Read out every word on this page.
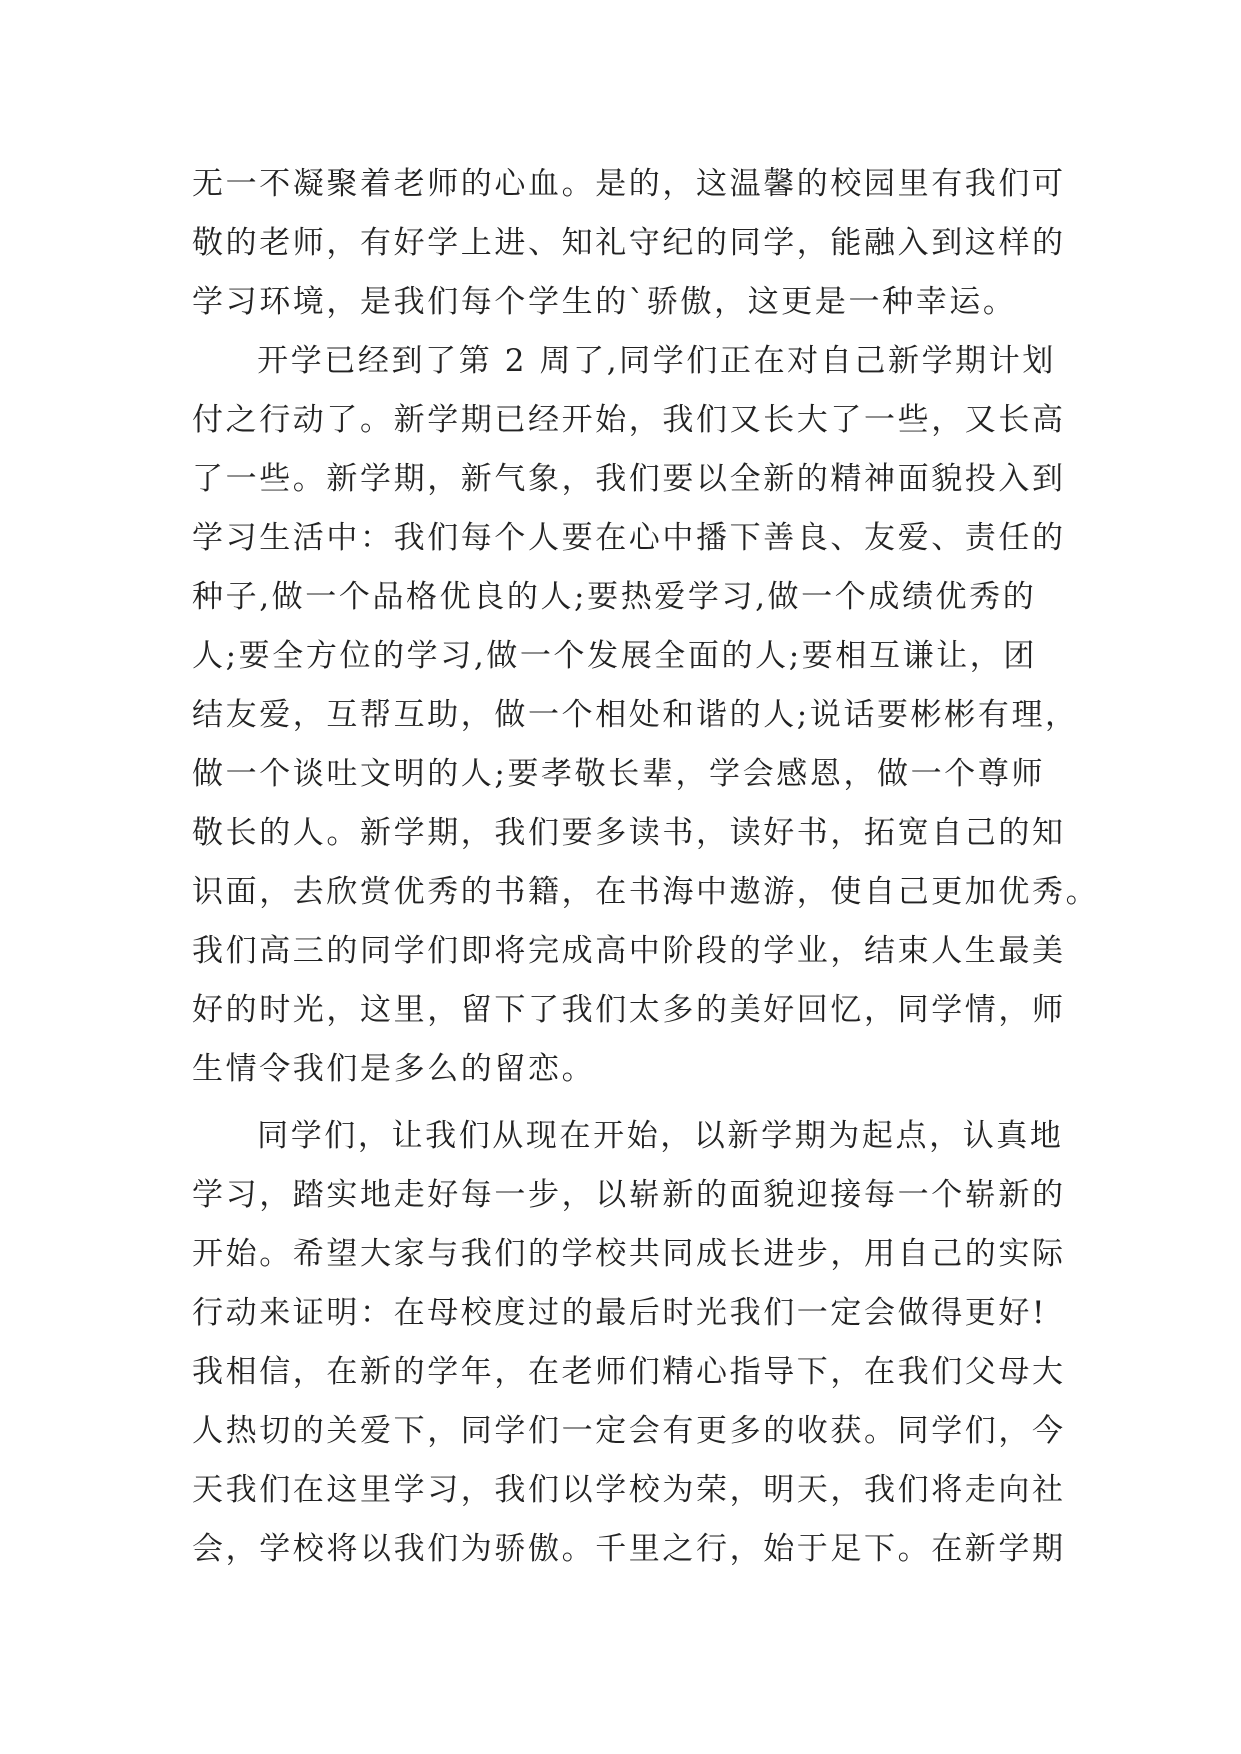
无一不凝聚着老师的心血。是的，这温馨的校园里有我们可
敬的老师，有好学上进、知礼守纪的同学，能融入到这样的
学习环境，是我们每个学生的`骄傲，这更是一种幸运。
开学已经到了第 2 周了,同学们正在对自己新学期计划
付之行动了。新学期已经开始，我们又长大了一些，又长高
了一些。新学期，新气象，我们要以全新的精神面貌投入到
学习生活中：我们每个人要在心中播下善良、友爱、责任的
种子,做一个品格优良的人;要热爱学习,做一个成绩优秀的
人;要全方位的学习,做一个发展全面的人;要相互谦让，团
结友爱，互帮互助，做一个相处和谐的人;说话要彬彬有理，
做一个谈吐文明的人;要孝敬长辈，学会感恩，做一个尊师
敬长的人。新学期，我们要多读书，读好书，拓宽自己的知
识面，去欣赏优秀的书籍，在书海中遨游，使自己更加优秀。
我们高三的同学们即将完成高中阶段的学业，结束人生最美
好的时光，这里，留下了我们太多的美好回忆，同学情，师
生情令我们是多么的留恋。
同学们，让我们从现在开始，以新学期为起点，认真地
学习，踏实地走好每一步，以崭新的面貌迎接每一个崭新的
开始。希望大家与我们的学校共同成长进步，用自己的实际
行动来证明：在母校度过的最后时光我们一定会做得更好!
我相信，在新的学年，在老师们精心指导下，在我们父母大
人热切的关爱下，同学们一定会有更多的收获。同学们，今
天我们在这里学习，我们以学校为荣，明天，我们将走向社
会，学校将以我们为骄傲。千里之行，始于足下。在新学期
